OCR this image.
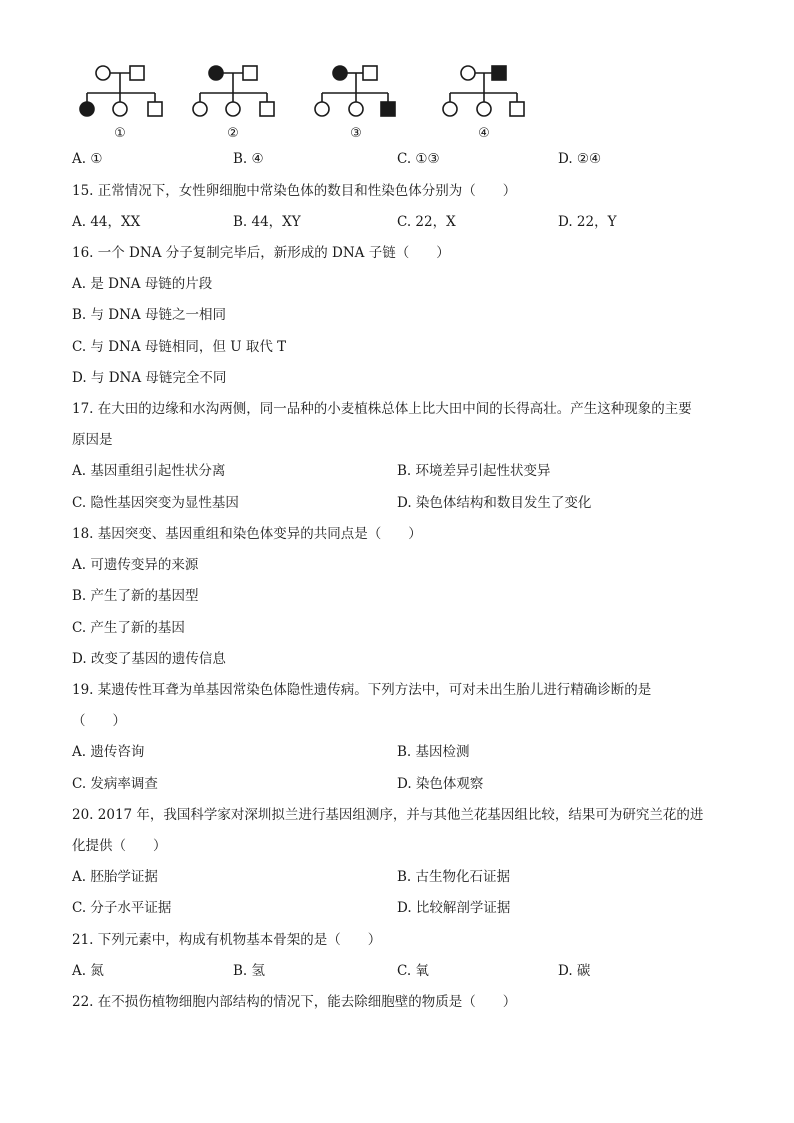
①	②	③	④
A. ①	B. ④	C. ①③	D. ②④
15. 正常情况下，女性卵细胞中常染色体的数目和性染色体分别为（　　）
A. 44，XX	B. 44，XY	C. 22，X	D. 22，Y
16. 一个 DNA 分子复制完毕后，新形成的 DNA 子链（　　）
A. 是 DNA 母链的片段
B. 与 DNA 母链之一相同
C. 与 DNA 母链相同，但 U 取代 T
D. 与 DNA 母链完全不同
17. 在大田的边缘和水沟两侧，同一品种的小麦植株总体上比大田中间的长得高壮。产生这种现象的主要
原因是
A. 基因重组引起性状分离	B. 环境差异引起性状变异
C. 隐性基因突变为显性基因	D. 染色体结构和数目发生了变化
18. 基因突变、基因重组和染色体变异的共同点是（　　）
A. 可遗传变异的来源
B. 产生了新的基因型
C. 产生了新的基因
D. 改变了基因的遗传信息
19. 某遗传性耳聋为单基因常染色体隐性遗传病。下列方法中，可对未出生胎儿进行精确诊断的是
（　　）
A. 遗传咨询	B. 基因检测
C. 发病率调查	D. 染色体观察
20. 2017 年，我国科学家对深圳拟兰进行基因组测序，并与其他兰花基因组比较，结果可为研究兰花的进
化提供（　　）
A. 胚胎学证据	B. 古生物化石证据
C. 分子水平证据	D. 比较解剖学证据
21. 下列元素中，构成有机物基本骨架的是（　　）
A. 氮	B. 氢	C. 氧	D. 碳
22. 在不损伤植物细胞内部结构的情况下，能去除细胞壁的物质是（　　）
